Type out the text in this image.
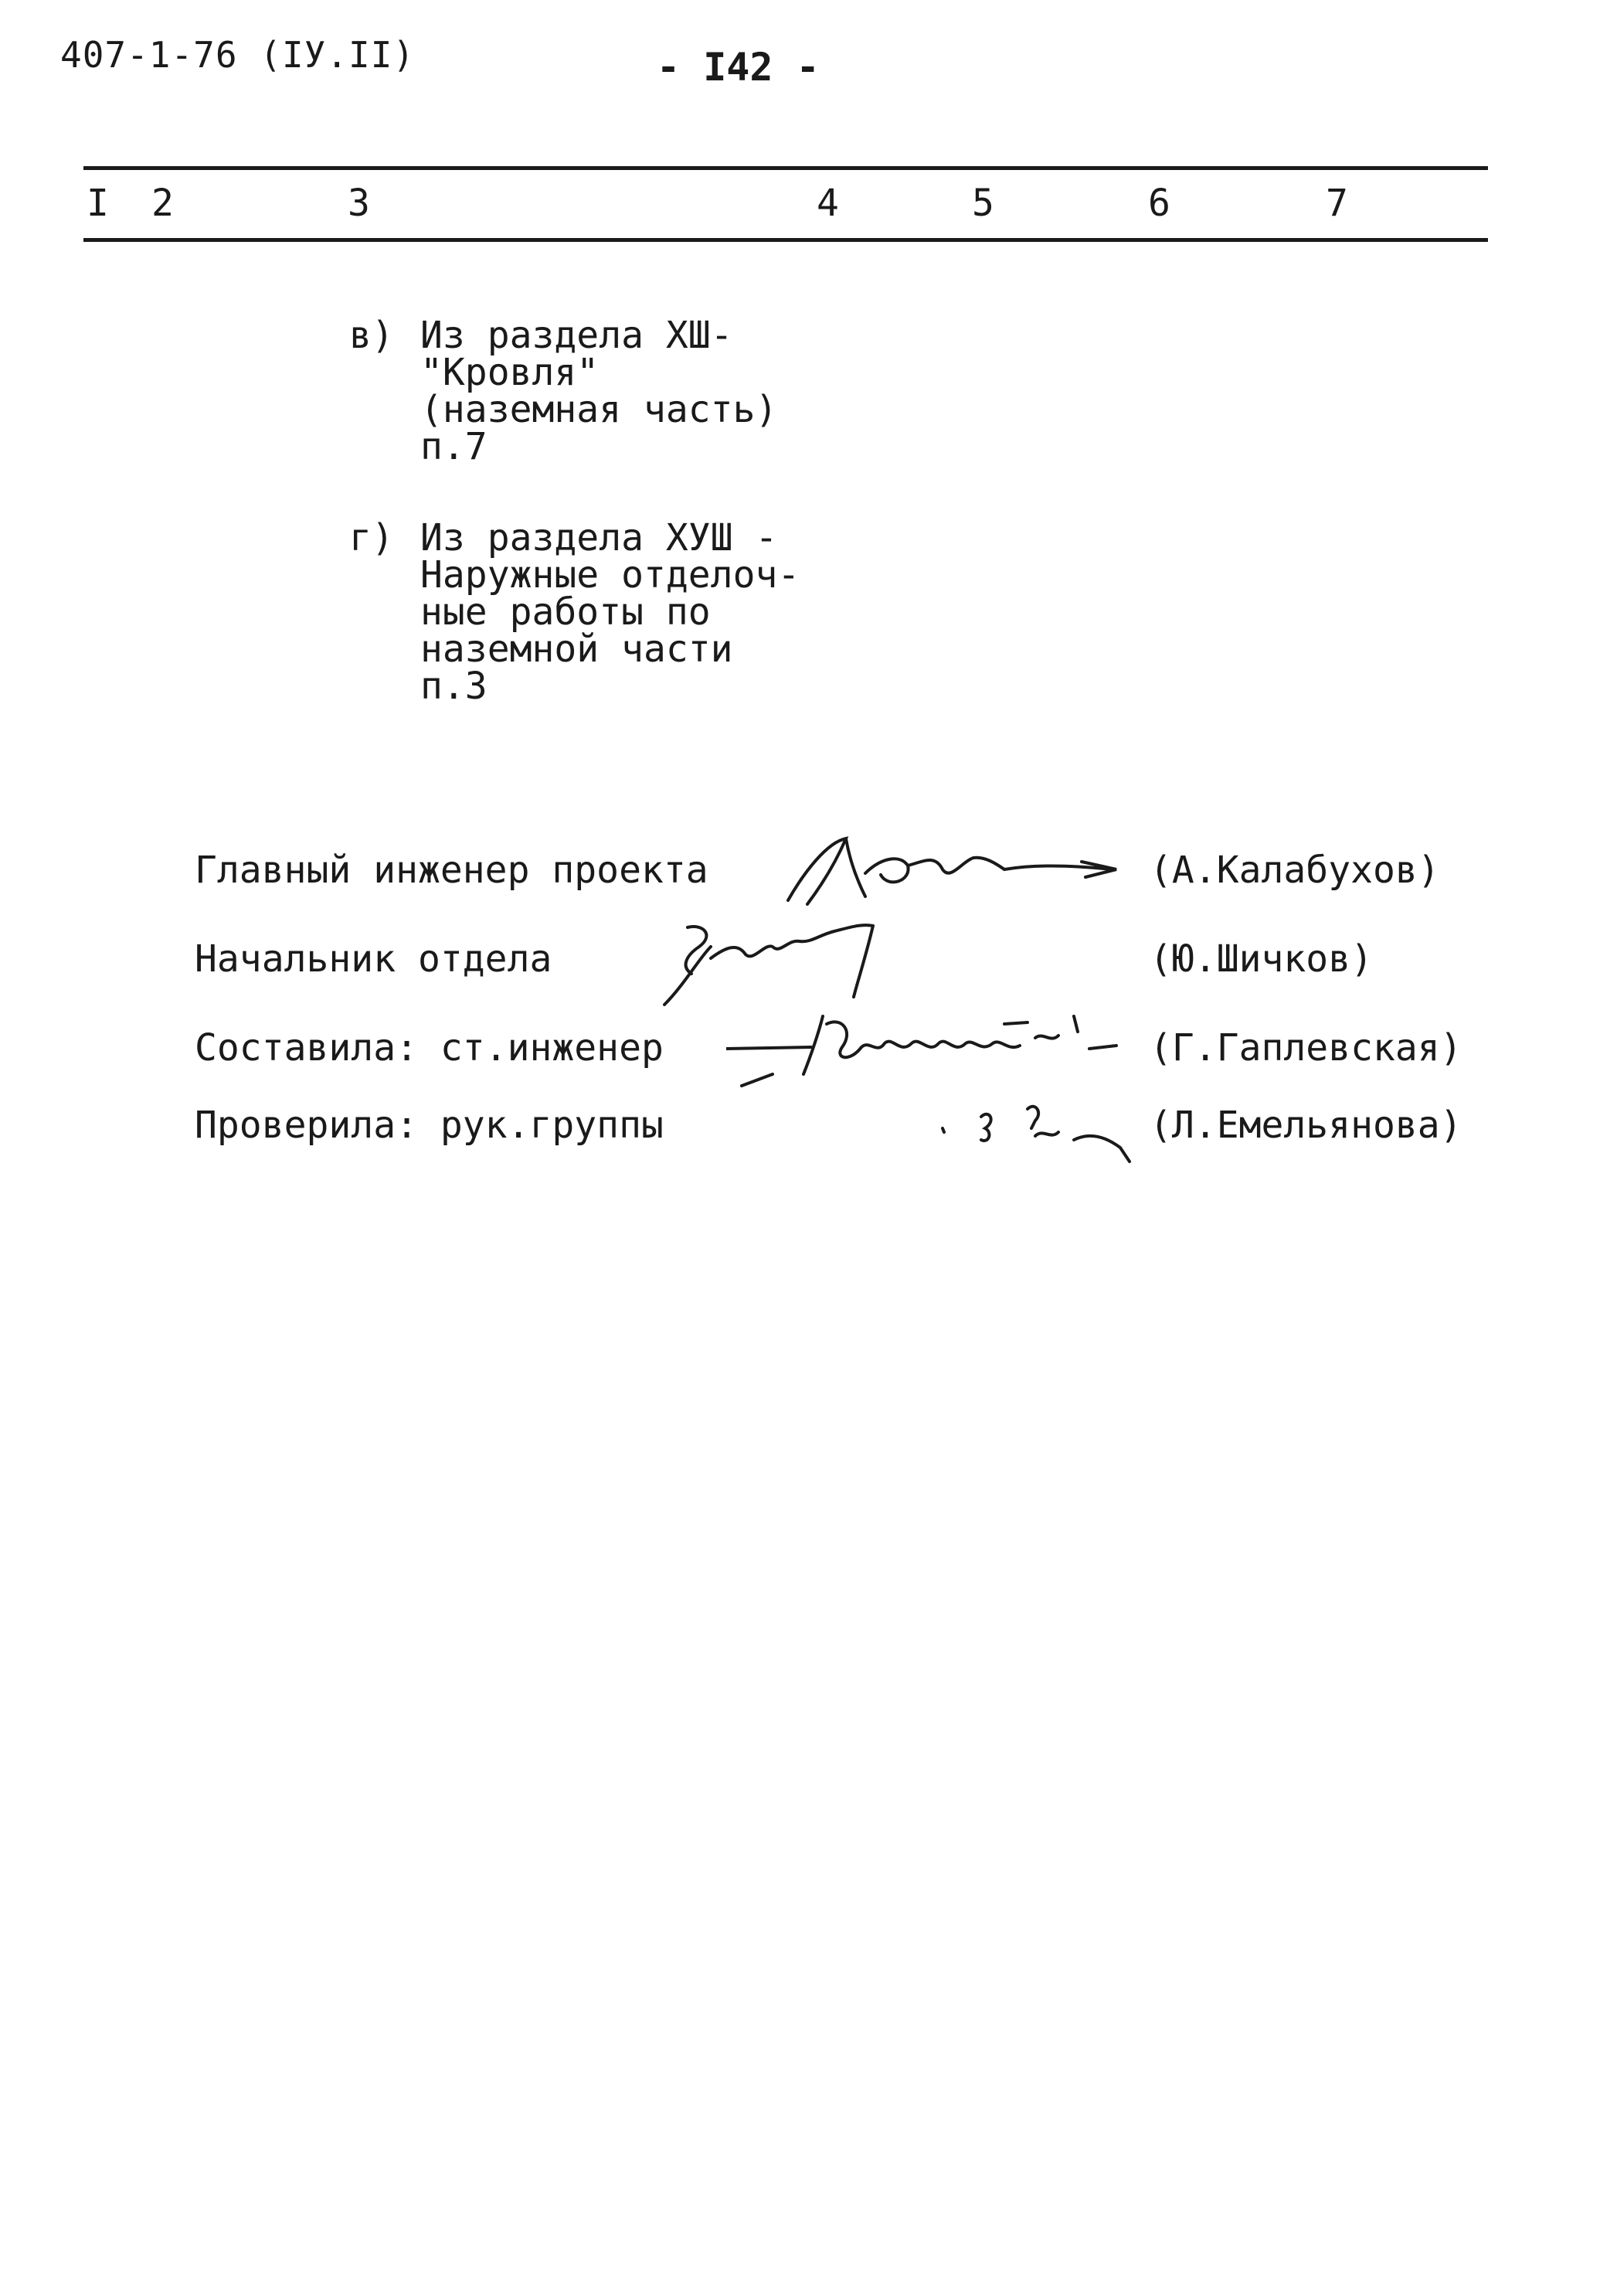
407-1-76 (IУ.II)	- I42 -
I 2	3	4	5	6	7
в) Из раздела ХШ-
"Кровля"
(наземная часть)
п.7
г) Из раздела ХУШ -
Наружные отделоч-
ные работы по
наземной части
п.3
Главный инженер проекта	(А.Калабухов)
Начальник отдела	(Ю.Шичков)
Составила: ст.инженер	(Г.Гаплевская)
Проверила: рук.группы	(Л.Емельянова)
